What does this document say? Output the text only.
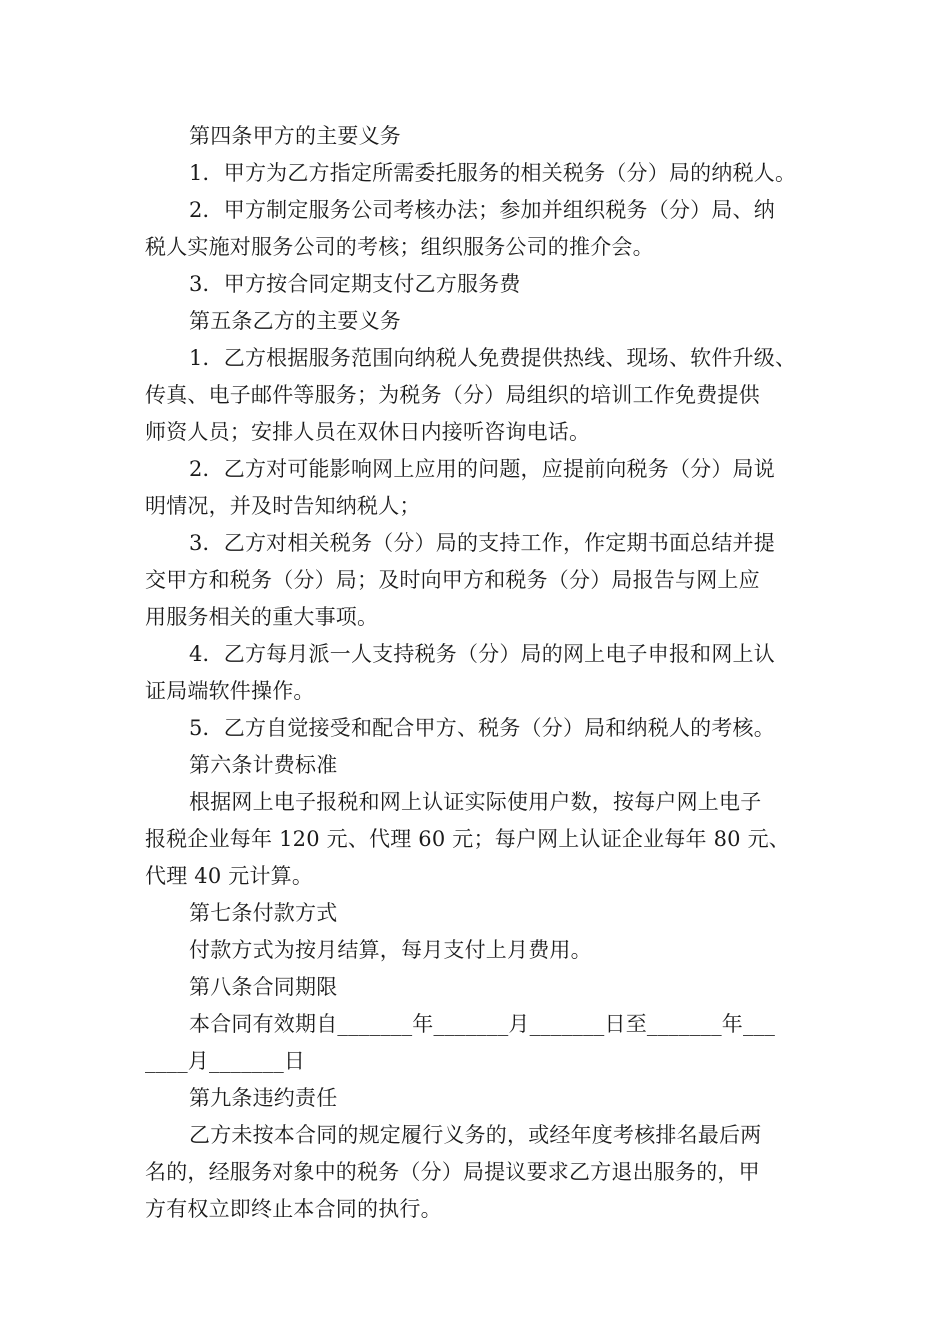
第四条甲方的主要义务
1．甲方为乙方指定所需委托服务的相关税务（分）局的纳税人。
2．甲方制定服务公司考核办法；参加并组织税务（分）局、纳
税人实施对服务公司的考核；组织服务公司的推介会。
3．甲方按合同定期支付乙方服务费
第五条乙方的主要义务
1．乙方根据服务范围向纳税人免费提供热线、现场、软件升级、
传真、电子邮件等服务；为税务（分）局组织的培训工作免费提供
师资人员；安排人员在双休日内接听咨询电话。
2．乙方对可能影响网上应用的问题，应提前向税务（分）局说
明情况，并及时告知纳税人；
3．乙方对相关税务（分）局的支持工作，作定期书面总结并提
交甲方和税务（分）局；及时向甲方和税务（分）局报告与网上应
用服务相关的重大事项。
4．乙方每月派一人支持税务（分）局的网上电子申报和网上认
证局端软件操作。
5．乙方自觉接受和配合甲方、税务（分）局和纳税人的考核。
第六条计费标准
根据网上电子报税和网上认证实际使用户数，按每户网上电子
报税企业每年 120 元、代理 60 元；每户网上认证企业每年 80 元、
代理 40 元计算。
第七条付款方式
付款方式为按月结算，每月支付上月费用。
第八条合同期限
本合同有效期自_______年_______月_______日至_______年___
____月_______日
第九条违约责任
乙方未按本合同的规定履行义务的，或经年度考核排名最后两
名的，经服务对象中的税务（分）局提议要求乙方退出服务的，甲
方有权立即终止本合同的执行。
